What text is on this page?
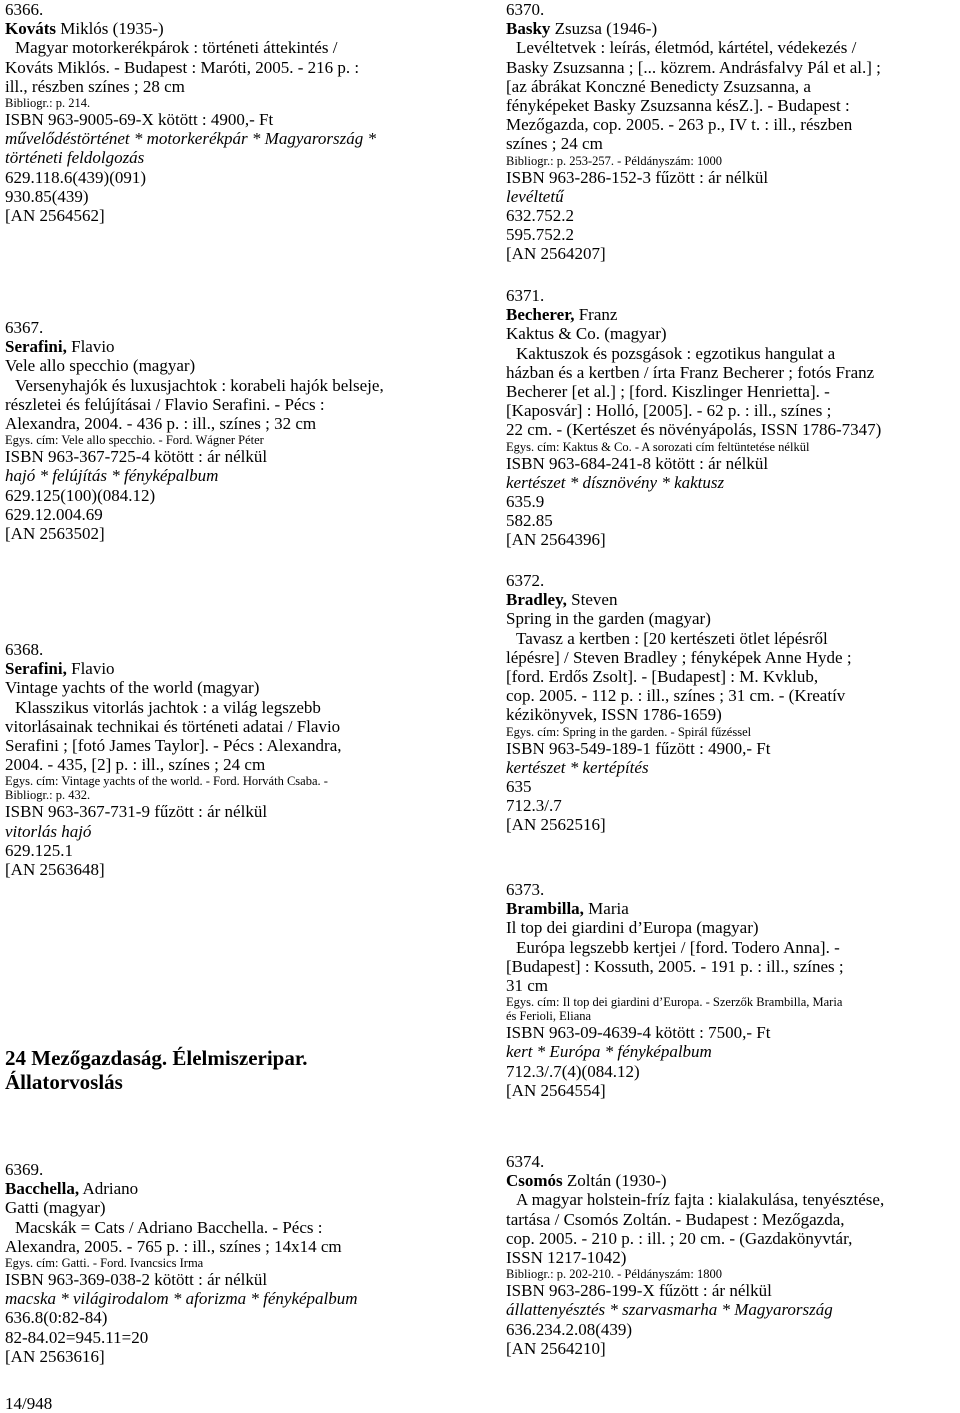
6366.
Kováts Miklós (1935-)
Magyar motorkerékpárok : történeti áttekintés /
Kováts Miklós. - Budapest : Maróti, 2005. - 216 p. :
ill., részben színes ; 28 cm
Bibliogr.: p. 214.
ISBN 963-9005-69-X kötött : 4900,- Ft
művelődéstörténet * motorkerékpár * Magyarország *
történeti feldolgozás
629.118.6(439)(091)
930.85(439)
[AN 2564562]
6367.
Serafini, Flavio
Vele allo specchio (magyar)
Versenyhajók és luxusjachtok : korabeli hajók belseje,
részletei és felújításai / Flavio Serafini. - Pécs :
Alexandra, 2004. - 436 p. : ill., színes ; 32 cm
Egys. cím: Vele allo specchio. - Ford. Wágner Péter
ISBN 963-367-725-4 kötött : ár nélkül
hajó * felújítás * fényképalbum
629.125(100)(084.12)
629.12.004.69
[AN 2563502]
6368.
Serafini, Flavio
Vintage yachts of the world (magyar)
Klasszikus vitorlás jachtok : a világ legszebb
vitorlásainak technikai és történeti adatai / Flavio
Serafini ; [fotó James Taylor]. - Pécs : Alexandra,
2004. - 435, [2] p. : ill., színes ; 24 cm
Egys. cím: Vintage yachts of the world. - Ford. Horváth Csaba. -
Bibliogr.: p. 432.
ISBN 963-367-731-9 fűzött : ár nélkül
vitorlás hajó
629.125.1
[AN 2563648]
24 Mezőgazdaság. Élelmiszeripar.
Állatorvoslás
6369.
Bacchella, Adriano
Gatti (magyar)
Macskák = Cats / Adriano Bacchella. - Pécs :
Alexandra, 2005. - 765 p. : ill., színes ; 14x14 cm
Egys. cím: Gatti. - Ford. Ivancsics Irma
ISBN 963-369-038-2 kötött : ár nélkül
macska * világirodalom * aforizma * fényképalbum
636.8(0:82-84)
82-84.02=945.11=20
[AN 2563616]
6370.
Basky Zsuzsa (1946-)
Levéltetvek : leírás, életmód, kártétel, védekezés /
Basky Zsuzsanna ; [... közrem. Andrásfalvy Pál et al.] ;
[az ábrákat Konczné Benedicty Zsuzsanna, a
fényképeket Basky Zsuzsanna késZ.]. - Budapest :
Mezőgazda, cop. 2005. - 263 p., IV t. : ill., részben
színes ; 24 cm
Bibliogr.: p. 253-257. - Példányszám: 1000
ISBN 963-286-152-3 fűzött : ár nélkül
levéltetű
632.752.2
595.752.2
[AN 2564207]
6371.
Becherer, Franz
Kaktus & Co. (magyar)
Kaktuszok és pozsgások : egzotikus hangulat a
házban és a kertben / írta Franz Becherer ; fotós Franz
Becherer [et al.] ; [ford. Kiszlinger Henrietta]. -
[Kaposvár] : Holló, [2005]. - 62 p. : ill., színes ;
22 cm. - (Kertészet és növényápolás, ISSN 1786-7347)
Egys. cím: Kaktus & Co. - A sorozati cím feltüntetése nélkül
ISBN 963-684-241-8 kötött : ár nélkül
kertészet * dísznövény * kaktusz
635.9
582.85
[AN 2564396]
6372.
Bradley, Steven
Spring in the garden (magyar)
Tavasz a kertben : [20 kertészeti ötlet lépésről
lépésre] / Steven Bradley ; fényképek Anne Hyde ;
[ford. Erdős Zsolt]. - [Budapest] : M. Kvklub,
cop. 2005. - 112 p. : ill., színes ; 31 cm. - (Kreatív
kézikönyvek, ISSN 1786-1659)
Egys. cím: Spring in the garden. - Spirál fűzéssel
ISBN 963-549-189-1 fűzött : 4900,- Ft
kertészet * kertépítés
635
712.3/.7
[AN 2562516]
6373.
Brambilla, Maria
Il top dei giardini d’Europa (magyar)
Európa legszebb kertjei / [ford. Todero Anna]. -
[Budapest] : Kossuth, 2005. - 191 p. : ill., színes ;
31 cm
Egys. cím: Il top dei giardini d’Europa. - Szerzők Brambilla, Maria
és Ferioli, Eliana
ISBN 963-09-4639-4 kötött : 7500,- Ft
kert * Európa * fényképalbum
712.3/.7(4)(084.12)
[AN 2564554]
6374.
Csomós Zoltán (1930-)
A magyar holstein-fríz fajta : kialakulása, tenyésztése,
tartása / Csomós Zoltán. - Budapest : Mezőgazda,
cop. 2005. - 210 p. : ill. ; 20 cm. - (Gazdakönyvtár,
ISSN 1217-1042)
Bibliogr.: p. 202-210. - Példányszám: 1800
ISBN 963-286-199-X fűzött : ár nélkül
állattenyésztés * szarvasmarha * Magyarország
636.234.2.08(439)
[AN 2564210]
14/948
